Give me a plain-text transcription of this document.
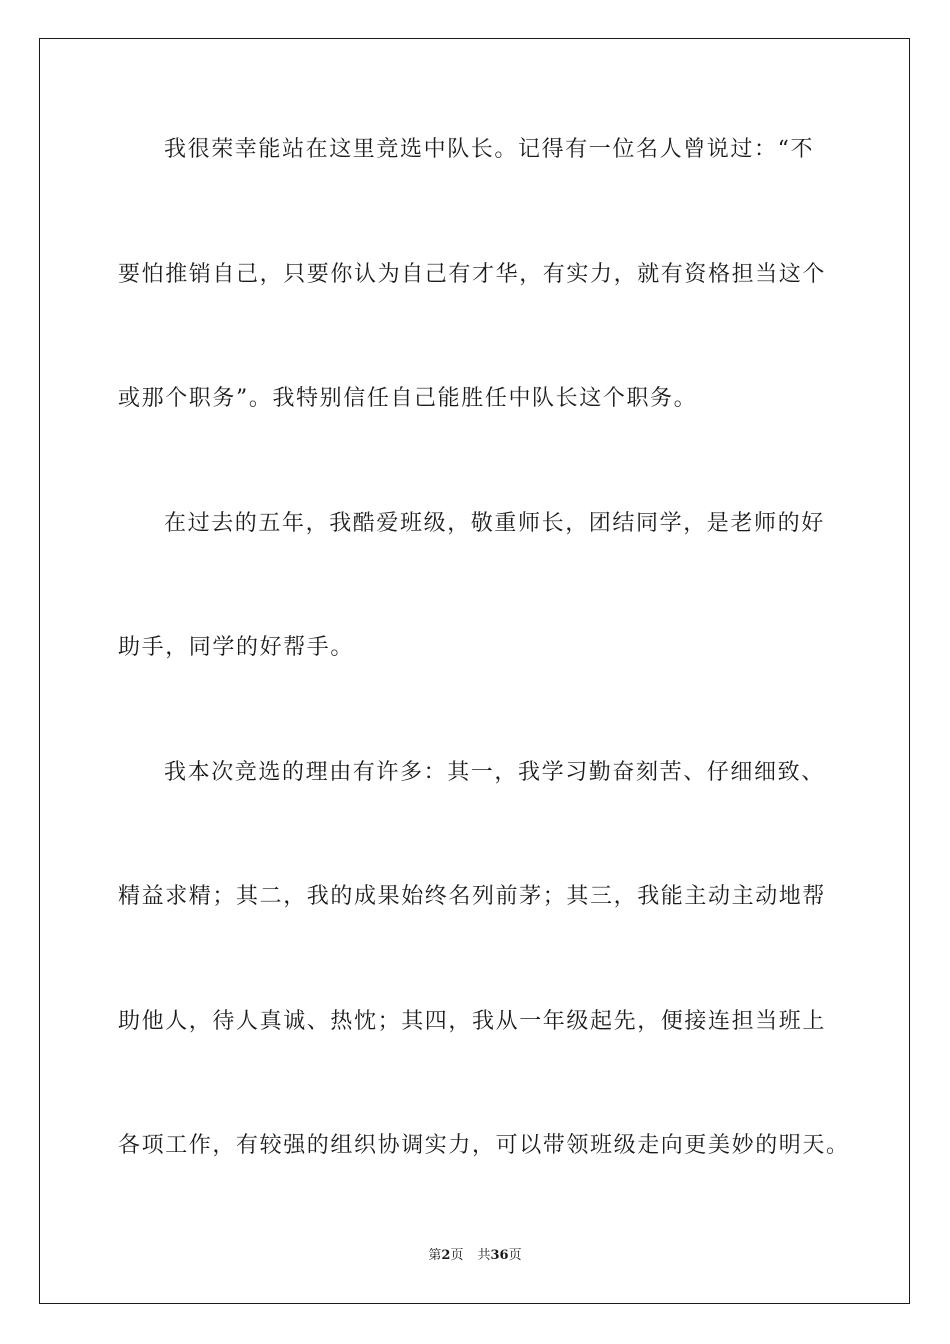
我很荣幸能站在这里竞选中队长。记得有一位名人曾说过：“不
要怕推销自己，只要你认为自己有才华，有实力，就有资格担当这个
或那个职务”。我特别信任自己能胜任中队长这个职务。
在过去的五年，我酷爱班级，敬重师长，团结同学，是老师的好
助手，同学的好帮手。
我本次竞选的理由有许多：其一，我学习勤奋刻苦、仔细细致、
精益求精；其二，我的成果始终名列前茅；其三，我能主动主动地帮
助他人，待人真诚、热忱；其四，我从一年级起先，便接连担当班上
各项工作，有较强的组织协调实力，可以带领班级走向更美妙的明天。
第2页 共36页
